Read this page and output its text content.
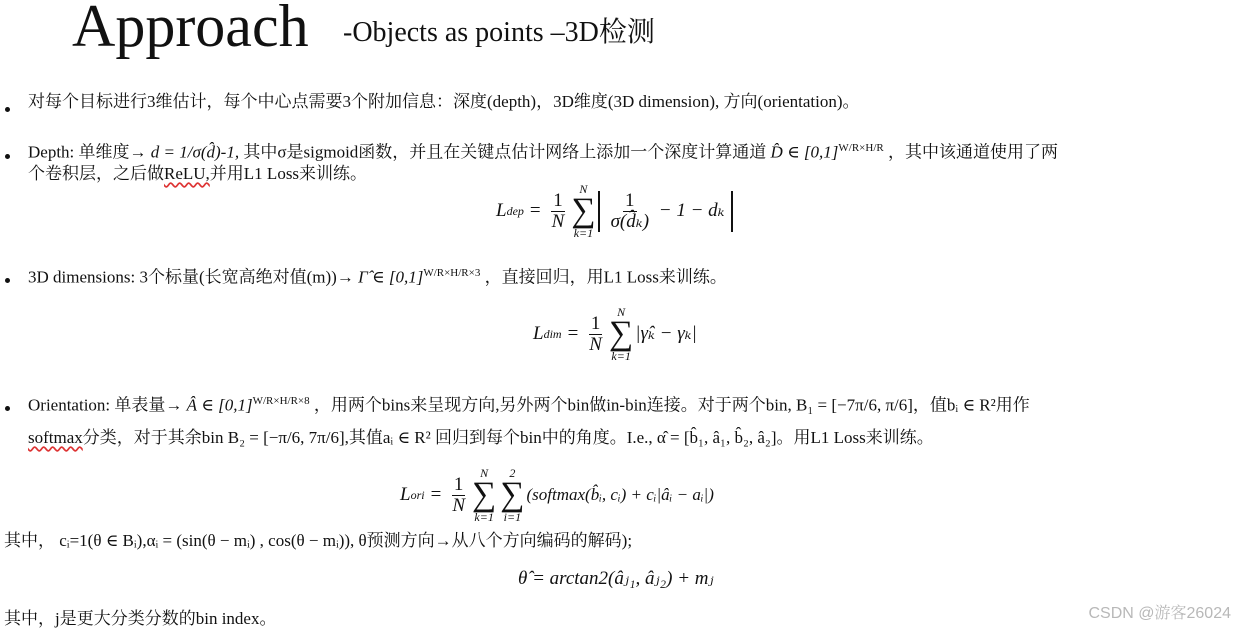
Approach -Objects as points –3D检测
对每个目标进行3维估计，每个中心点需要3个附加信息：深度(depth)，3D维度(3D dimension), 方向(orientation)。
Depth: 单维度→ d = 1/σ(d̂)-1, 其中σ是sigmoid函数，并且在关键点估计网络上添加一个深度计算通道 D̂ ∈ $[0,1]^{W/R\times H/R}$ ，其中该通道使用了两
个卷积层，之后做ReLU,并用L1 Loss来训练。
L dep = $\frac{1}{N}$
N
∑
k=1
$\frac{1}{\text{σ(d̂ₖ)}} - 1 - d_k$
3D dimensions: 3个标量(长宽高绝对值(m))→ Γ̂ ∈ $[0,1]^{W/R\times H/R\times 3}$ ，直接回归，用L1 Loss来训练。
L dim = $\frac{1}{N}$
N
∑
k=1
|γ̂ₖ − γₖ|
Orientation: 单表量→ Â ∈ $[0,1]^{W/R\times H/R\times 8}$ ，用两个bins来呈现方向,另外两个bin做in-bin连接。对于两个bin, B₁ = [−7π/6, π/6]，值bᵢ ∈ R²用作
softmax分类，对于其余bin B₂ = [−π/6, 7π/6],其值aᵢ ∈ R² 回归到每个bin中的角度。I.e., α̂ = [b̂₁, â₁, b̂₂, â₂]。用L1 Loss来训练。
L ori = $\frac{1}{N}$
N
∑
k=1
2
∑
i=1
(softmax(b̂ᵢ, cᵢ) + cᵢ|âᵢ − aᵢ|)
其中， cᵢ=1(θ ∈ Bᵢ),αᵢ = (sin(θ − mᵢ) , cos(θ − mᵢ)), θ预测方向→从八个方向编码的解码);
θ̂ = arctan2(âⱼ₁, âⱼ₂) + mⱼ
其中，j是更大分类分数的bin index。	CSDN @游客26024
